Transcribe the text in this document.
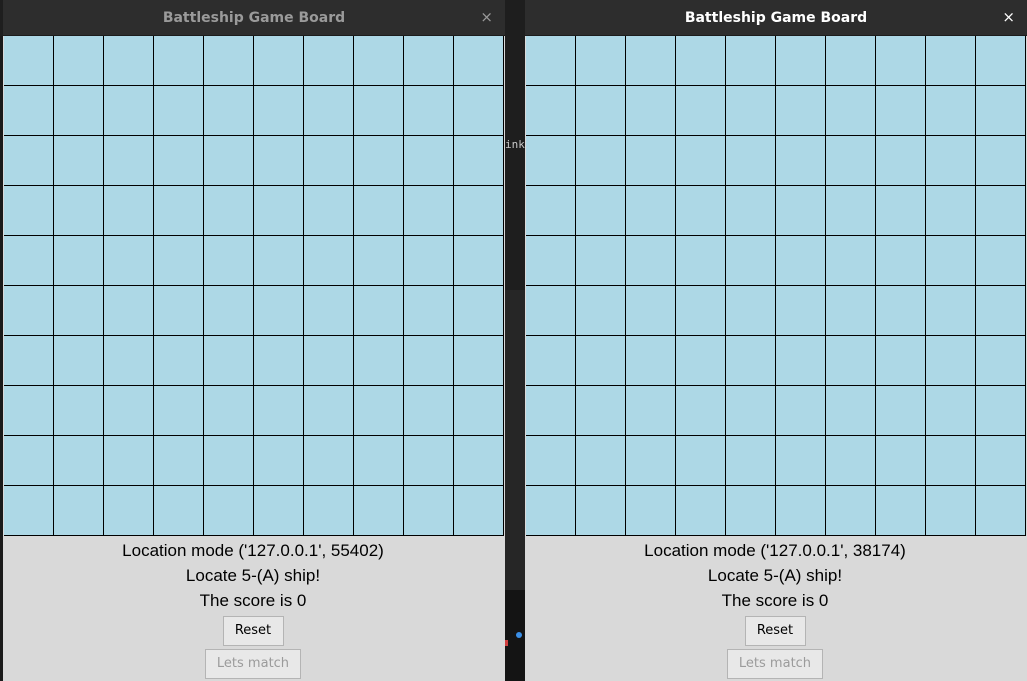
ink
Battleship Game Board	×
Location mode ('127.0.0.1', 55402)
Locate 5-(A) ship!
The score is 0
Reset
Lets match
Battleship Game Board	×
Location mode ('127.0.0.1', 38174)
Locate 5-(A) ship!
The score is 0
Reset
Lets match
